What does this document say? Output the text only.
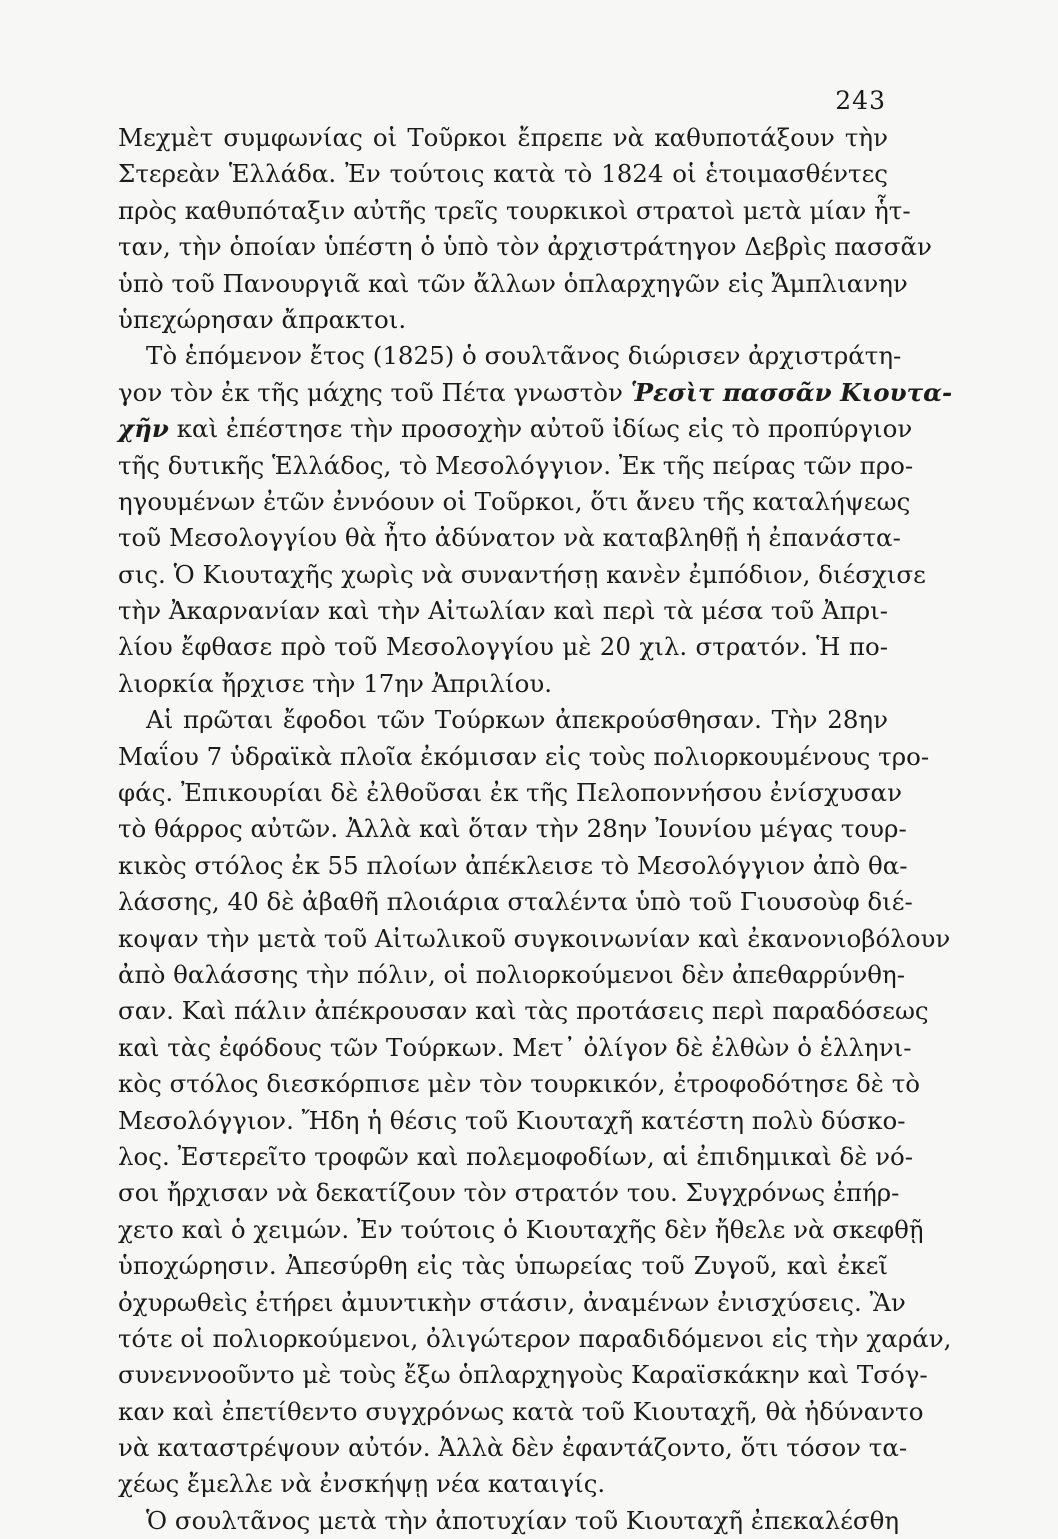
243
Μεχμὲτ συμφωνίας οἱ Τοῦρκοι ἔπρεπε νὰ καθυποτάξουν τὴν
Στερεὰν Ἑλλάδα. Ἐν τούτοις κατὰ τὸ 1824 οἱ ἑτοιμασθέντες
πρὸς καθυπόταξιν αὐτῆς τρεῖς τουρκικοὶ στρατοὶ μετὰ μίαν ἧτ-
ταν, τὴν ὁποίαν ὑπέστη ὁ ὑπὸ τὸν ἀρχιστράτηγον Δεβρὶς πασσᾶν
ὑπὸ τοῦ Πανουργιᾶ καὶ τῶν ἄλλων ὁπλαρχηγῶν εἰς Ἄμπλιανην
ὑπεχώρησαν ἄπρακτοι.
Τὸ ἑπόμενον ἔτος (1825) ὁ σουλτᾶνος διώρισεν ἀρχιστράτη-
γον τὸν ἐκ τῆς μάχης τοῦ Πέτα γνωστὸν Ῥεσὶτ πασσᾶν Κιουτα-
χῆν καὶ ἐπέστησε τὴν προσοχὴν αὐτοῦ ἰδίως εἰς τὸ προπύργιον
τῆς δυτικῆς Ἑλλάδος, τὸ Μεσολόγγιον. Ἐκ τῆς πείρας τῶν προ-
ηγουμένων ἐτῶν ἐννόουν οἱ Τοῦρκοι, ὅτι ἄνευ τῆς καταλήψεως
τοῦ Μεσολογγίου θὰ ἦτο ἀδύνατον νὰ καταβληθῇ ἡ ἐπανάστα-
σις. Ὁ Κιουταχῆς χωρὶς νὰ συναντήσῃ κανὲν ἐμπόδιον, διέσχισε
τὴν Ἀκαρνανίαν καὶ τὴν Αἰτωλίαν καὶ περὶ τὰ μέσα τοῦ Ἀπρι-
λίου ἔφθασε πρὸ τοῦ Μεσολογγίου μὲ 20 χιλ. στρατόν. Ἡ πο-
λιορκία ἤρχισε τὴν 17ην Ἀπριλίου.
Αἱ πρῶται ἔφοδοι τῶν Τούρκων ἀπεκρούσθησαν. Τὴν 28ην
Μαΐου 7 ὑδραϊκὰ πλοῖα ἐκόμισαν εἰς τοὺς πολιορκουμένους τρο-
φάς. Ἐπικουρίαι δὲ ἐλθοῦσαι ἐκ τῆς Πελοποννήσου ἐνίσχυσαν
τὸ θάρρος αὐτῶν. Ἀλλὰ καὶ ὅταν τὴν 28ην Ἰουνίου μέγας τουρ-
κικὸς στόλος ἐκ 55 πλοίων ἀπέκλεισε τὸ Μεσολόγγιον ἀπὸ θα-
λάσσης, 40 δὲ ἀβαθῆ πλοιάρια σταλέντα ὑπὸ τοῦ Γιουσοὺφ διέ-
κοψαν τὴν μετὰ τοῦ Αἰτωλικοῦ συγκοινωνίαν καὶ ἐκανονιοβόλουν
ἀπὸ θαλάσσης τὴν πόλιν, οἱ πολιορκούμενοι δὲν ἀπεθαρρύνθη-
σαν. Καὶ πάλιν ἀπέκρουσαν καὶ τὰς προτάσεις περὶ παραδόσεως
καὶ τὰς ἐφόδους τῶν Τούρκων. Μετ᾽ ὀλίγον δὲ ἐλθὼν ὁ ἑλληνι-
κὸς στόλος διεσκόρπισε μὲν τὸν τουρκικόν, ἐτροφοδότησε δὲ τὸ
Μεσολόγγιον. Ἤδη ἡ θέσις τοῦ Κιουταχῆ κατέστη πολὺ δύσκο-
λος. Ἐστερεῖτο τροφῶν καὶ πολεμοφοδίων, αἱ ἐπιδημικαὶ δὲ νό-
σοι ἤρχισαν νὰ δεκατίζουν τὸν στρατόν του. Συγχρόνως ἐπήρ-
χετο καὶ ὁ χειμών. Ἐν τούτοις ὁ Κιουταχῆς δὲν ἤθελε νὰ σκεφθῇ
ὑποχώρησιν. Ἀπεσύρθη εἰς τὰς ὑπωρείας τοῦ Ζυγοῦ, καὶ ἐκεῖ
ὀχυρωθεὶς ἐτήρει ἀμυντικὴν στάσιν, ἀναμένων ἐνισχύσεις. Ἂν
τότε οἱ πολιορκούμενοι, ὀλιγώτερον παραδιδόμενοι εἰς τὴν χαράν,
συνεννοοῦντο μὲ τοὺς ἔξω ὁπλαρχηγοὺς Καραϊσκάκην καὶ Τσόγ-
καν καὶ ἐπετίθεντο συγχρόνως κατὰ τοῦ Κιουταχῆ, θὰ ἠδύναντο
νὰ καταστρέψουν αὐτόν. Ἀλλὰ δὲν ἐφαντάζοντο, ὅτι τόσον τα-
χέως ἔμελλε νὰ ἐνσκήψῃ νέα καταιγίς.
Ὁ σουλτᾶνος μετὰ τὴν ἀποτυχίαν τοῦ Κιουταχῆ ἐπεκαλέσθη
